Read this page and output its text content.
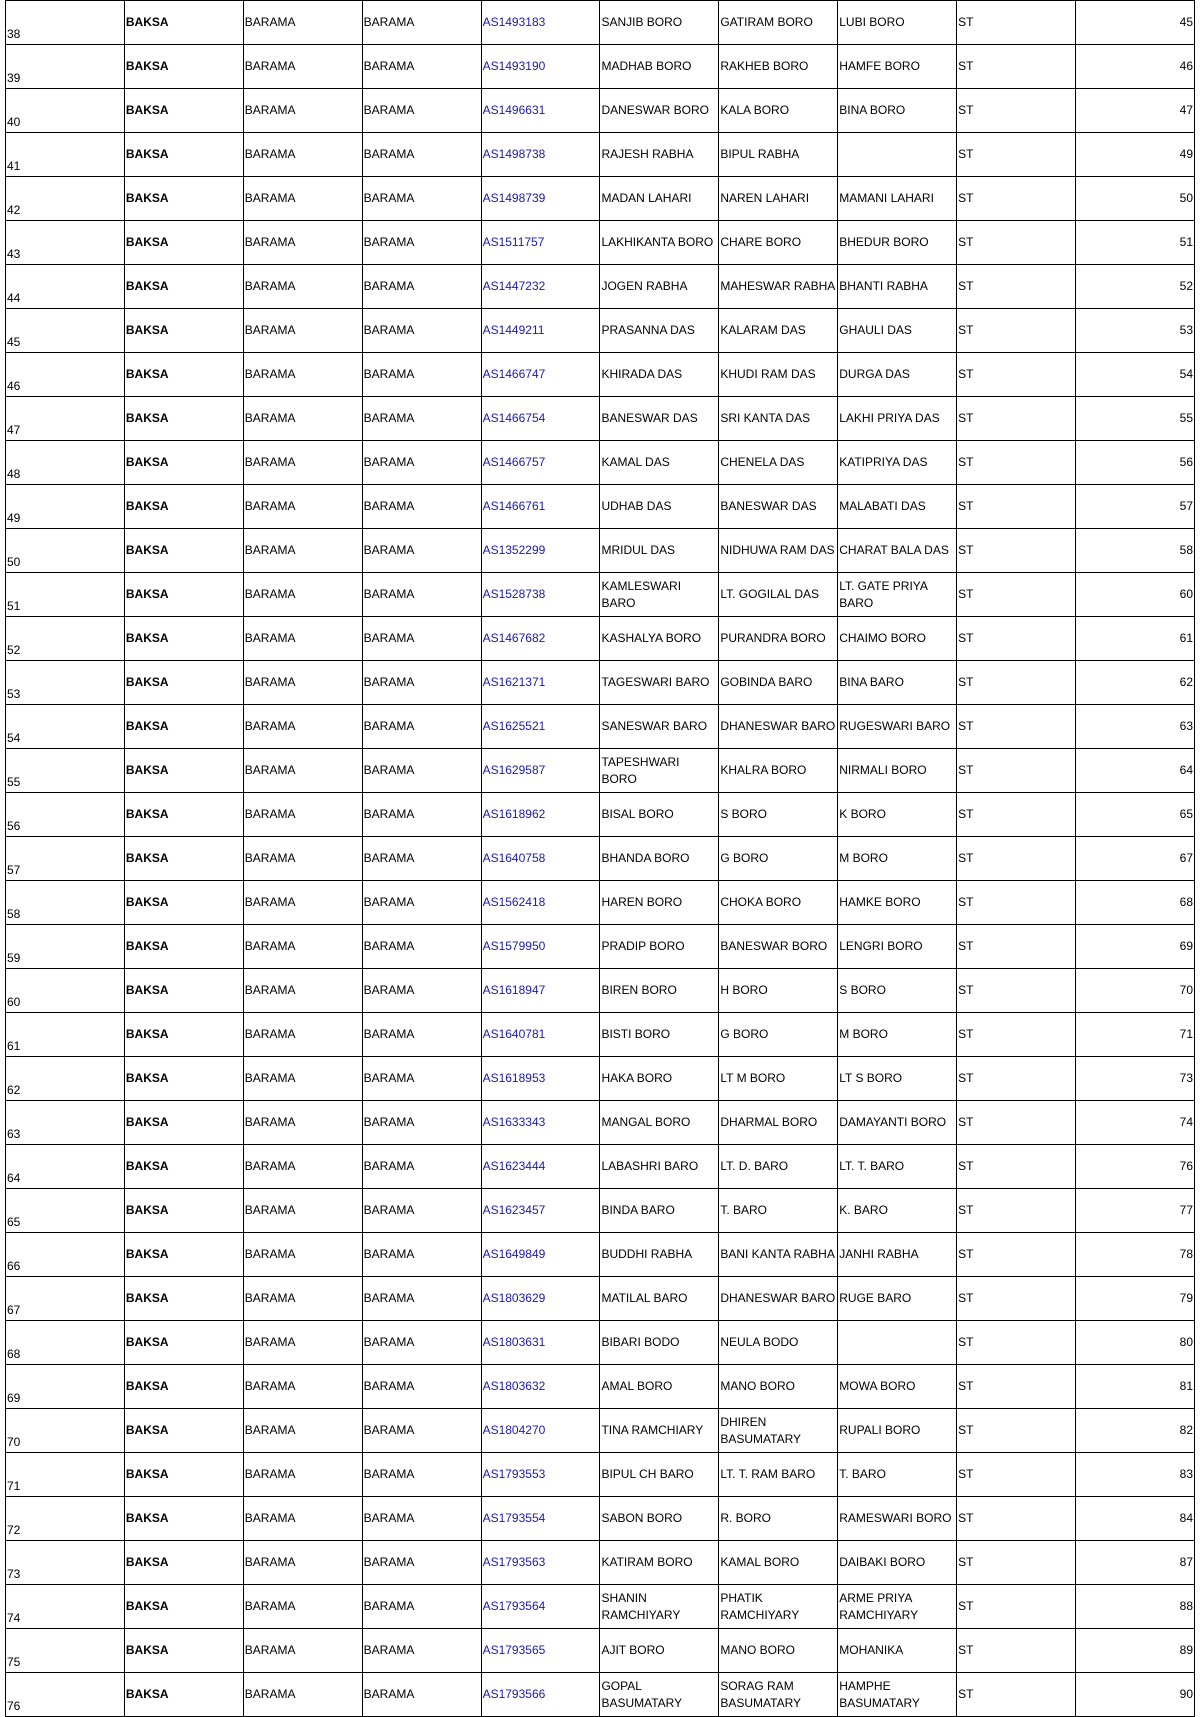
38	BAKSA	BARAMA	BARAMA	AS1493183	SANJIB BORO	GATIRAM BORO	LUBI BORO	ST	45
39	BAKSA	BARAMA	BARAMA	AS1493190	MADHAB BORO	RAKHEB BORO	HAMFE BORO	ST	46
40	BAKSA	BARAMA	BARAMA	AS1496631	DANESWAR BORO	KALA BORO	BINA BORO	ST	47
41	BAKSA	BARAMA	BARAMA	AS1498738	RAJESH RABHA	BIPUL RABHA		ST	49
42	BAKSA	BARAMA	BARAMA	AS1498739	MADAN LAHARI	NAREN LAHARI	MAMANI LAHARI	ST	50
43	BAKSA	BARAMA	BARAMA	AS1511757	LAKHIKANTA BORO	CHARE BORO	BHEDUR BORO	ST	51
44	BAKSA	BARAMA	BARAMA	AS1447232	JOGEN RABHA	MAHESWAR RABHA	BHANTI RABHA	ST	52
45	BAKSA	BARAMA	BARAMA	AS1449211	PRASANNA DAS	KALARAM DAS	GHAULI DAS	ST	53
46	BAKSA	BARAMA	BARAMA	AS1466747	KHIRADA DAS	KHUDI RAM DAS	DURGA DAS	ST	54
47	BAKSA	BARAMA	BARAMA	AS1466754	BANESWAR DAS	SRI KANTA DAS	LAKHI PRIYA DAS	ST	55
48	BAKSA	BARAMA	BARAMA	AS1466757	KAMAL DAS	CHENELA DAS	KATIPRIYA DAS	ST	56
49	BAKSA	BARAMA	BARAMA	AS1466761	UDHAB DAS	BANESWAR DAS	MALABATI DAS	ST	57
50	BAKSA	BARAMA	BARAMA	AS1352299	MRIDUL DAS	NIDHUWA RAM DAS	CHARAT BALA DAS	ST	58
51	BAKSA	BARAMA	BARAMA	AS1528738	KAMLESWARI BARO	LT. GOGILAL DAS	LT. GATE PRIYA BARO	ST	60
52	BAKSA	BARAMA	BARAMA	AS1467682	KASHALYA BORO	PURANDRA BORO	CHAIMO BORO	ST	61
53	BAKSA	BARAMA	BARAMA	AS1621371	TAGESWARI BARO	GOBINDA BARO	BINA BARO	ST	62
54	BAKSA	BARAMA	BARAMA	AS1625521	SANESWAR BARO	DHANESWAR BARO	RUGESWARI BARO	ST	63
55	BAKSA	BARAMA	BARAMA	AS1629587	TAPESHWARI BORO	KHALRA BORO	NIRMALI BORO	ST	64
56	BAKSA	BARAMA	BARAMA	AS1618962	BISAL BORO	S BORO	K BORO	ST	65
57	BAKSA	BARAMA	BARAMA	AS1640758	BHANDA BORO	G BORO	M BORO	ST	67
58	BAKSA	BARAMA	BARAMA	AS1562418	HAREN BORO	CHOKA BORO	HAMKE BORO	ST	68
59	BAKSA	BARAMA	BARAMA	AS1579950	PRADIP BORO	BANESWAR BORO	LENGRI BORO	ST	69
60	BAKSA	BARAMA	BARAMA	AS1618947	BIREN BORO	H BORO	S BORO	ST	70
61	BAKSA	BARAMA	BARAMA	AS1640781	BISTI BORO	G BORO	M BORO	ST	71
62	BAKSA	BARAMA	BARAMA	AS1618953	HAKA BORO	LT M BORO	LT S BORO	ST	73
63	BAKSA	BARAMA	BARAMA	AS1633343	MANGAL BORO	DHARMAL BORO	DAMAYANTI BORO	ST	74
64	BAKSA	BARAMA	BARAMA	AS1623444	LABASHRI BARO	LT. D. BARO	LT. T. BARO	ST	76
65	BAKSA	BARAMA	BARAMA	AS1623457	BINDA BARO	T. BARO	K. BARO	ST	77
66	BAKSA	BARAMA	BARAMA	AS1649849	BUDDHI RABHA	BANI KANTA RABHA	JANHI RABHA	ST	78
67	BAKSA	BARAMA	BARAMA	AS1803629	MATILAL BARO	DHANESWAR BARO	RUGE BARO	ST	79
68	BAKSA	BARAMA	BARAMA	AS1803631	BIBARI BODO	NEULA BODO		ST	80
69	BAKSA	BARAMA	BARAMA	AS1803632	AMAL BORO	MANO BORO	MOWA BORO	ST	81
70	BAKSA	BARAMA	BARAMA	AS1804270	TINA RAMCHIARY	DHIREN BASUMATARY	RUPALI BORO	ST	82
71	BAKSA	BARAMA	BARAMA	AS1793553	BIPUL CH BARO	LT. T. RAM BARO	T. BARO	ST	83
72	BAKSA	BARAMA	BARAMA	AS1793554	SABON BORO	R. BORO	RAMESWARI BORO	ST	84
73	BAKSA	BARAMA	BARAMA	AS1793563	KATIRAM BORO	KAMAL BORO	DAIBAKI BORO	ST	87
74	BAKSA	BARAMA	BARAMA	AS1793564	SHANIN RAMCHIYARY	PHATIK RAMCHIYARY	ARME PRIYA RAMCHIYARY	ST	88
75	BAKSA	BARAMA	BARAMA	AS1793565	AJIT BORO	MANO BORO	MOHANIKA	ST	89
76	BAKSA	BARAMA	BARAMA	AS1793566	GOPAL BASUMATARY	SORAG RAM BASUMATARY	HAMPHE BASUMATARY	ST	90
